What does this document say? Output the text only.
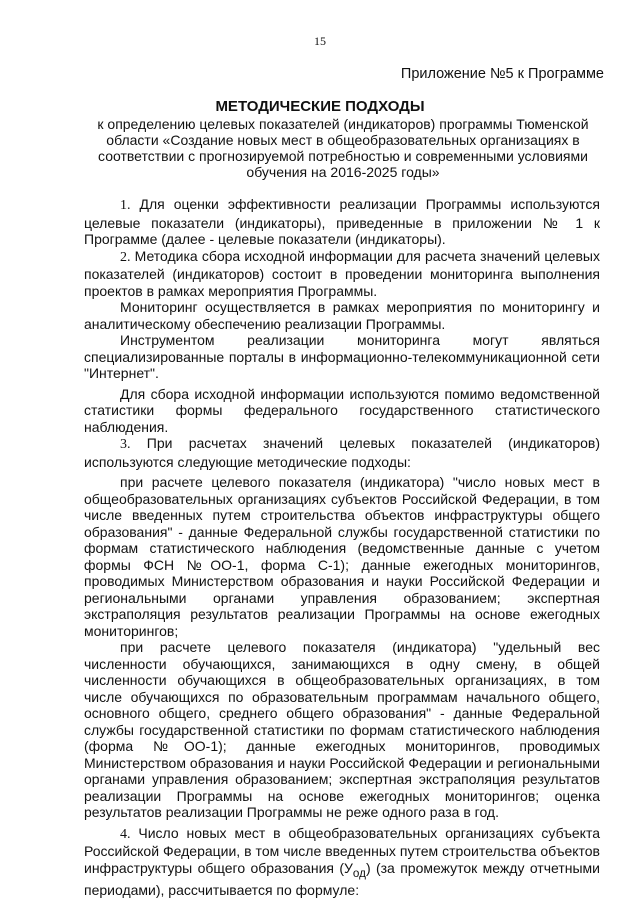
15
Приложение №5 к Программе
МЕТОДИЧЕСКИЕ ПОДХОДЫ
к определению целевых показателей (индикаторов) программы Тюменской области «Создание новых мест в общеобразовательных организациях в соответствии с прогнозируемой потребностью и современными условиями обучения на 2016-2025 годы»

1. Для оценки эффективности реализации Программы используются целевые показатели (индикаторы), приведенные в приложении № 1 к Программе (далее - целевые показатели (индикаторы).

2. Методика сбора исходной информации для расчета значений целевых показателей (индикаторов) состоит в проведении мониторинга выполнения проектов в рамках мероприятия Программы.

Мониторинг осуществляется в рамках мероприятия по мониторингу и аналитическому обеспечению реализации Программы.

Инструментом реализации мониторинга могут являться специализированные порталы в информационно-телекоммуникационной сети "Интернет".

Для сбора исходной информации используются помимо ведомственной статистики формы федерального государственного статистического наблюдения.

3. При расчетах значений целевых показателей (индикаторов) используются следующие методические подходы:

при расчете целевого показателя (индикатора) "число новых мест в общеобразовательных организациях субъектов Российской Федерации, в том числе введенных путем строительства объектов инфраструктуры общего образования" - данные Федеральной службы государственной статистики по формам статистического наблюдения (ведомственные данные с учетом формы ФСН №ОО-1, форма С-1); данные ежегодных мониторингов, проводимых Министерством образования и науки Российской Федерации и региональными органами управления образованием; экспертная экстраполяция результатов реализации Программы на основе ежегодных мониторингов;

при расчете целевого показателя (индикатора) "удельный вес численности обучающихся, занимающихся в одну смену, в общей численности обучающихся в общеобразовательных организациях, в том числе обучающихся по образовательным программам начального общего, основного общего, среднего общего образования" - данные Федеральной службы государственной статистики по формам статистического наблюдения (форма №ОО-1); данные ежегодных мониторингов, проводимых Министерством образования и науки Российской Федерации и региональными органами управления образованием; экспертная экстраполяция результатов реализации Программы на основе ежегодных мониторингов; оценка результатов реализации Программы не реже одного раза в год.

4. Число новых мест в общеобразовательных организациях субъекта Российской Федерации, в том числе введенных путем строительства объектов инфраструктуры общего образования $(У_{од})$ (за промежуток между отчетными периодами), рассчитывается по формуле:
